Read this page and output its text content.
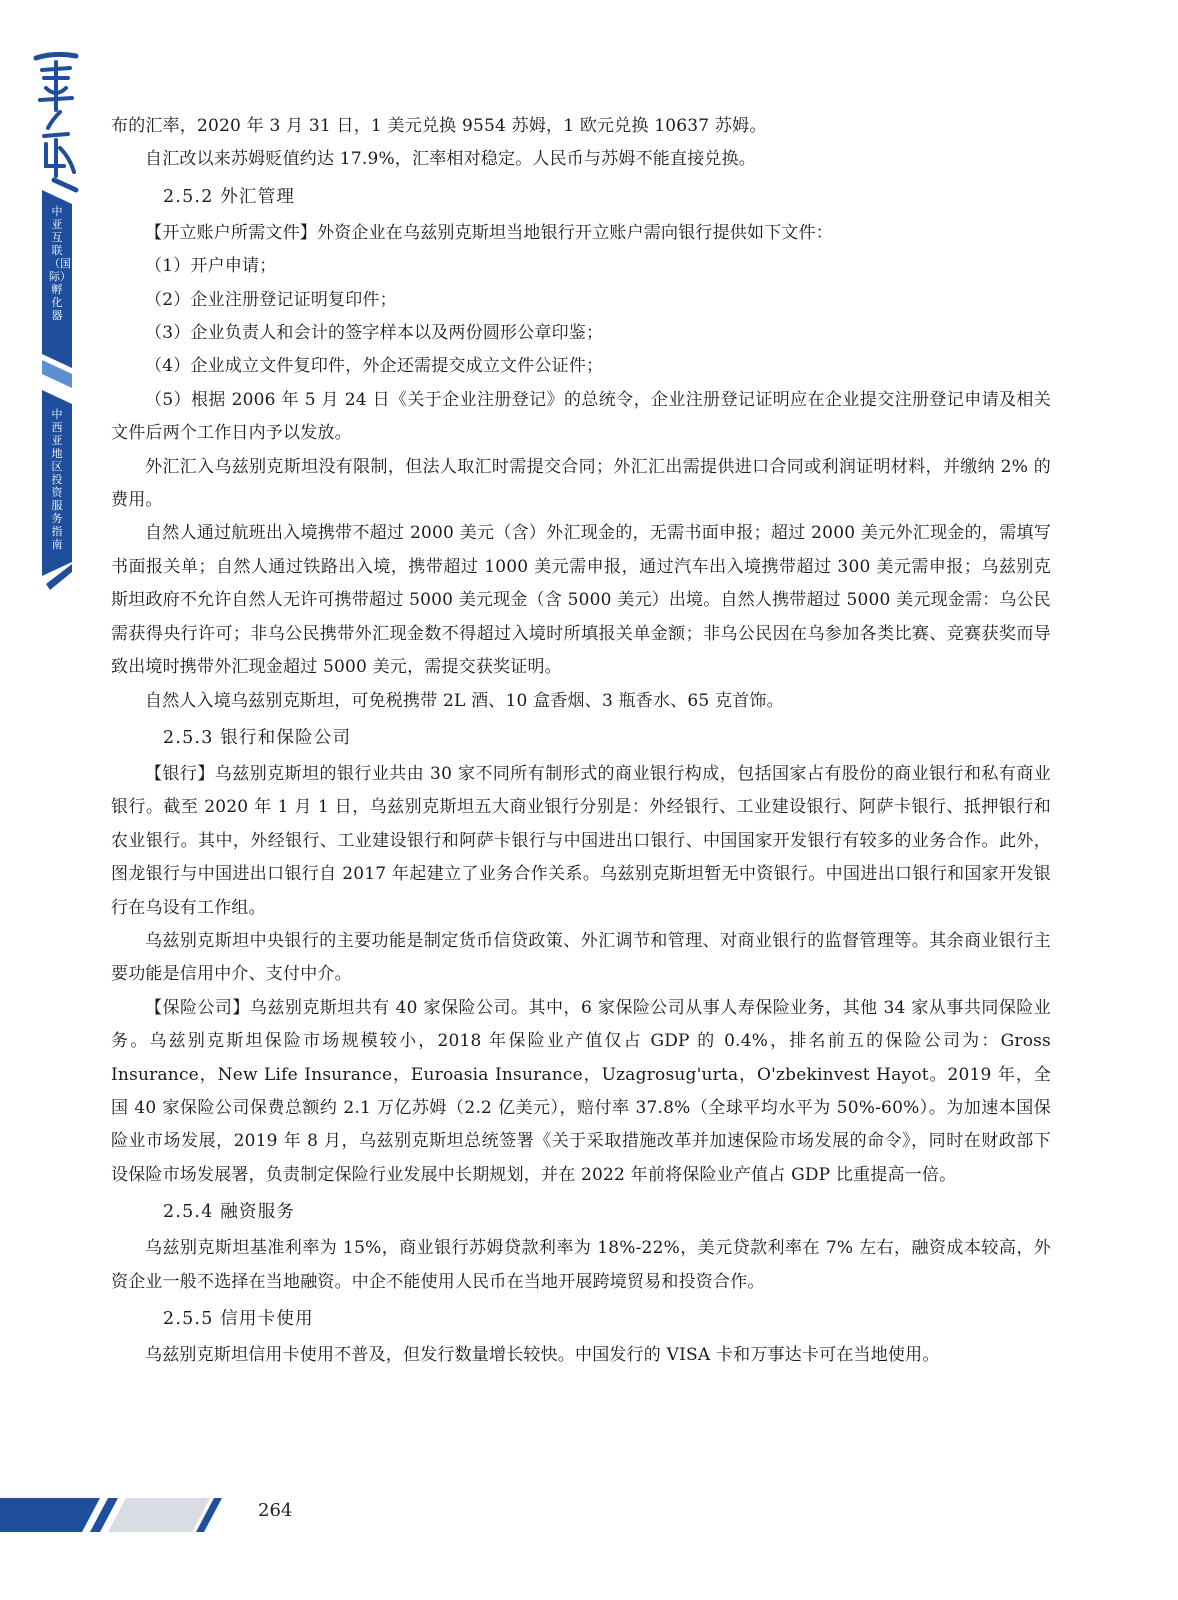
中亚互联（国际）孵化器
中西亚地区投资服务指南

布的汇率，2020 年 3 月 31 日，1 美元兑换 9554 苏姆，1 欧元兑换 10637 苏姆。

自汇改以来苏姆贬值约达 17.9%，汇率相对稳定。人民币与苏姆不能直接兑换。

2.5.2 外汇管理

【开立账户所需文件】外资企业在乌兹别克斯坦当地银行开立账户需向银行提供如下文件：

（1）开户申请；

（2）企业注册登记证明复印件；

（3）企业负责人和会计的签字样本以及两份圆形公章印鉴；

（4）企业成立文件复印件，外企还需提交成立文件公证件；

（5）根据 2006 年 5 月 24 日《关于企业注册登记》的总统令，企业注册登记证明应在企业提交注册登记申请及相关文件后两个工作日内予以发放。

外汇汇入乌兹别克斯坦没有限制，但法人取汇时需提交合同；外汇汇出需提供进口合同或利润证明材料，并缴纳 2% 的费用。

自然人通过航班出入境携带不超过 2000 美元（含）外汇现金的，无需书面申报；超过 2000 美元外汇现金的，需填写书面报关单；自然人通过铁路出入境，携带超过 1000 美元需申报，通过汽车出入境携带超过 300 美元需申报；乌兹别克斯坦政府不允许自然人无许可携带超过 5000 美元现金（含 5000 美元）出境。自然人携带超过 5000 美元现金需：乌公民需获得央行许可；非乌公民携带外汇现金数不得超过入境时所填报关单金额；非乌公民因在乌参加各类比赛、竞赛获奖而导致出境时携带外汇现金超过 5000 美元，需提交获奖证明。

自然人入境乌兹别克斯坦，可免税携带 2L 酒、10 盒香烟、3 瓶香水、65 克首饰。

2.5.3 银行和保险公司

【银行】乌兹别克斯坦的银行业共由 30 家不同所有制形式的商业银行构成，包括国家占有股份的商业银行和私有商业银行。截至 2020 年 1 月 1 日，乌兹别克斯坦五大商业银行分别是：外经银行、工业建设银行、阿萨卡银行、抵押银行和农业银行。其中，外经银行、工业建设银行和阿萨卡银行与中国进出口银行、中国国家开发银行有较多的业务合作。此外，图龙银行与中国进出口银行自 2017 年起建立了业务合作关系。乌兹别克斯坦暂无中资银行。中国进出口银行和国家开发银行在乌设有工作组。

乌兹别克斯坦中央银行的主要功能是制定货币信贷政策、外汇调节和管理、对商业银行的监督管理等。其余商业银行主要功能是信用中介、支付中介。

【保险公司】乌兹别克斯坦共有 40 家保险公司。其中，6 家保险公司从事人寿保险业务，其他 34 家从事共同保险业务。乌兹别克斯坦保险市场规模较小，2018 年保险业产值仅占 GDP 的 0.4%，排名前五的保险公司为：Gross Insurance，New Life Insurance，Euroasia Insurance，Uzagrosug'urta，O'zbekinvest Hayot。2019 年，全国 40 家保险公司保费总额约 2.1 万亿苏姆（2.2 亿美元），赔付率 37.8%（全球平均水平为 50%-60%）。为加速本国保险业市场发展，2019 年 8 月，乌兹别克斯坦总统签署《关于采取措施改革并加速保险市场发展的命令》，同时在财政部下设保险市场发展署，负责制定保险行业发展中长期规划，并在 2022 年前将保险业产值占 GDP 比重提高一倍。

2.5.4 融资服务

乌兹别克斯坦基准利率为 15%，商业银行苏姆贷款利率为 18%-22%，美元贷款利率在 7% 左右，融资成本较高，外资企业一般不选择在当地融资。中企不能使用人民币在当地开展跨境贸易和投资合作。

2.5.5 信用卡使用

乌兹别克斯坦信用卡使用不普及，但发行数量增长较快。中国发行的 VISA 卡和万事达卡可在当地使用。

264
